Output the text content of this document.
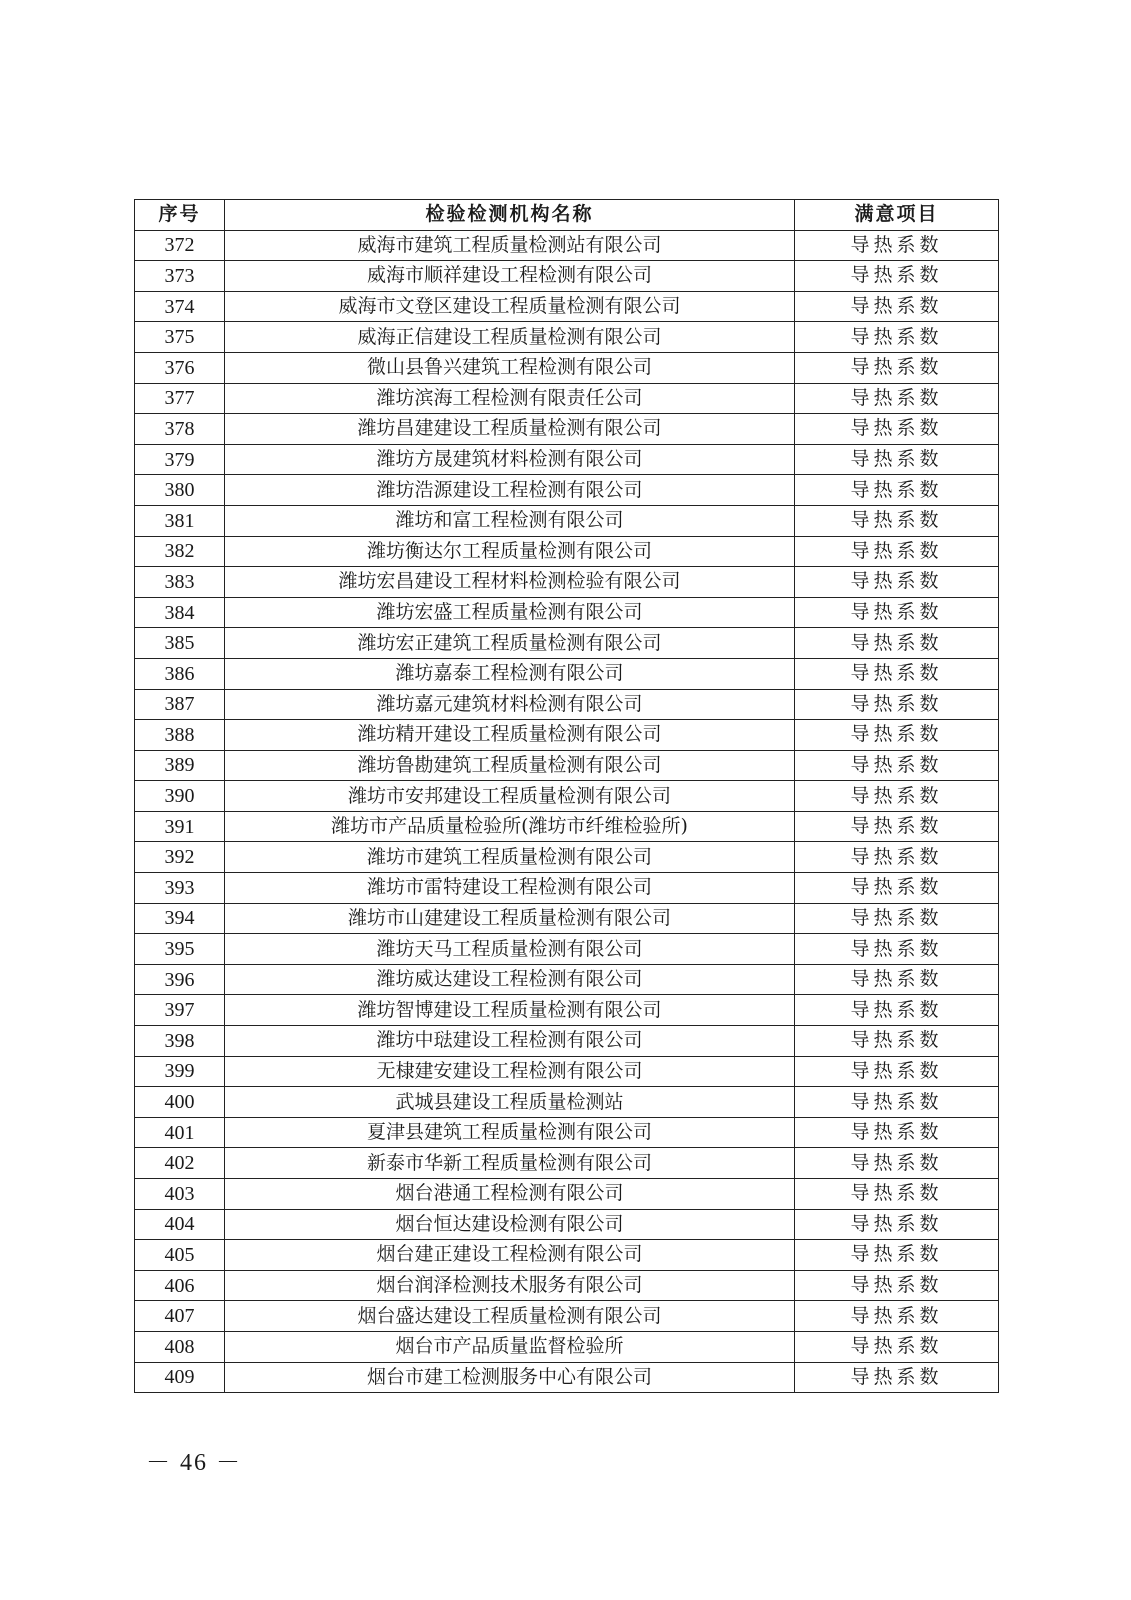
序号	检验检测机构名称	满意项目
372	威海市建筑工程质量检测站有限公司	导热系数
373	威海市顺祥建设工程检测有限公司	导热系数
374	威海市文登区建设工程质量检测有限公司	导热系数
375	威海正信建设工程质量检测有限公司	导热系数
376	微山县鲁兴建筑工程检测有限公司	导热系数
377	潍坊滨海工程检测有限责任公司	导热系数
378	潍坊昌建建设工程质量检测有限公司	导热系数
379	潍坊方晟建筑材料检测有限公司	导热系数
380	潍坊浩源建设工程检测有限公司	导热系数
381	潍坊和富工程检测有限公司	导热系数
382	潍坊衡达尔工程质量检测有限公司	导热系数
383	潍坊宏昌建设工程材料检测检验有限公司	导热系数
384	潍坊宏盛工程质量检测有限公司	导热系数
385	潍坊宏正建筑工程质量检测有限公司	导热系数
386	潍坊嘉泰工程检测有限公司	导热系数
387	潍坊嘉元建筑材料检测有限公司	导热系数
388	潍坊精开建设工程质量检测有限公司	导热系数
389	潍坊鲁勘建筑工程质量检测有限公司	导热系数
390	潍坊市安邦建设工程质量检测有限公司	导热系数
391	潍坊市产品质量检验所(潍坊市纤维检验所)	导热系数
392	潍坊市建筑工程质量检测有限公司	导热系数
393	潍坊市雷特建设工程检测有限公司	导热系数
394	潍坊市山建建设工程质量检测有限公司	导热系数
395	潍坊天马工程质量检测有限公司	导热系数
396	潍坊威达建设工程检测有限公司	导热系数
397	潍坊智博建设工程质量检测有限公司	导热系数
398	潍坊中琺建设工程检测有限公司	导热系数
399	无棣建安建设工程检测有限公司	导热系数
400	武城县建设工程质量检测站	导热系数
401	夏津县建筑工程质量检测有限公司	导热系数
402	新泰市华新工程质量检测有限公司	导热系数
403	烟台港通工程检测有限公司	导热系数
404	烟台恒达建设检测有限公司	导热系数
405	烟台建正建设工程检测有限公司	导热系数
406	烟台润泽检测技术服务有限公司	导热系数
407	烟台盛达建设工程质量检测有限公司	导热系数
408	烟台市产品质量监督检验所	导热系数
409	烟台市建工检测服务中心有限公司	导热系数
－ 46 －
